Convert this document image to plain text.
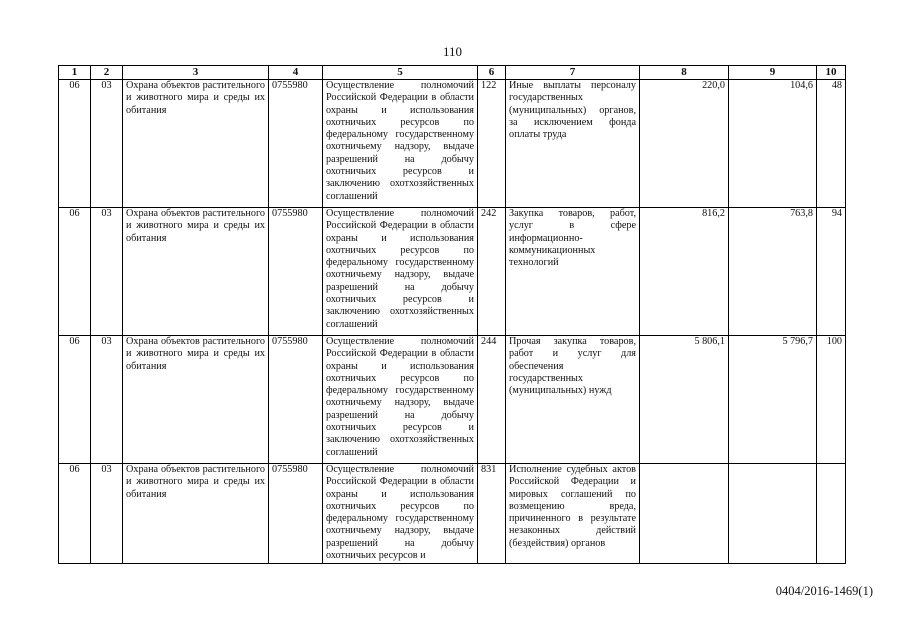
110
1	2	3	4	5	6	7	8	9	10
06	03	Охрана объектов растительного и животного мира и среды их обитания	0755980	Осуществление полномочий Российской Федерации в области охраны и использования охотничьих ресурсов по федеральному государственному охотничьему надзору, выдаче разрешений на добычу охотничьих ресурсов и заключению охотхозяйственных соглашений	122	Иные выплаты персоналу государственных (муниципальных) органов, за исключением фонда оплаты труда	220,0	104,6	48
06	03	Охрана объектов растительного и животного мира и среды их обитания	0755980	Осуществление полномочий Российской Федерации в области охраны и использования охотничьих ресурсов по федеральному государственному охотничьему надзору, выдаче разрешений на добычу охотничьих ресурсов и заключению охотхозяйственных соглашений	242	Закупка товаров, работ, услуг в сфере информационно-коммуникационных технологий	816,2	763,8	94
06	03	Охрана объектов растительного и животного мира и среды их обитания	0755980	Осуществление полномочий Российской Федерации в области охраны и использования охотничьих ресурсов по федеральному государственному охотничьему надзору, выдаче разрешений на добычу охотничьих ресурсов и заключению охотхозяйственных соглашений	244	Прочая закупка товаров, работ и услуг для обеспечения государственных (муниципальных) нужд	5 806,1	5 796,7	100
06	03	Охрана объектов растительного и животного мира и среды их обитания	0755980	Осуществление полномочий Российской Федерации в области охраны и использования охотничьих ресурсов по федеральному государственному охотничьему надзору, выдаче разрешений на добычу охотничьих ресурсов и	831	Исполнение судебных актов Российской Федерации и мировых соглашений по возмещению вреда, причиненного в результате незаконных действий (бездействия) органов			
0404/2016-1469(1)
